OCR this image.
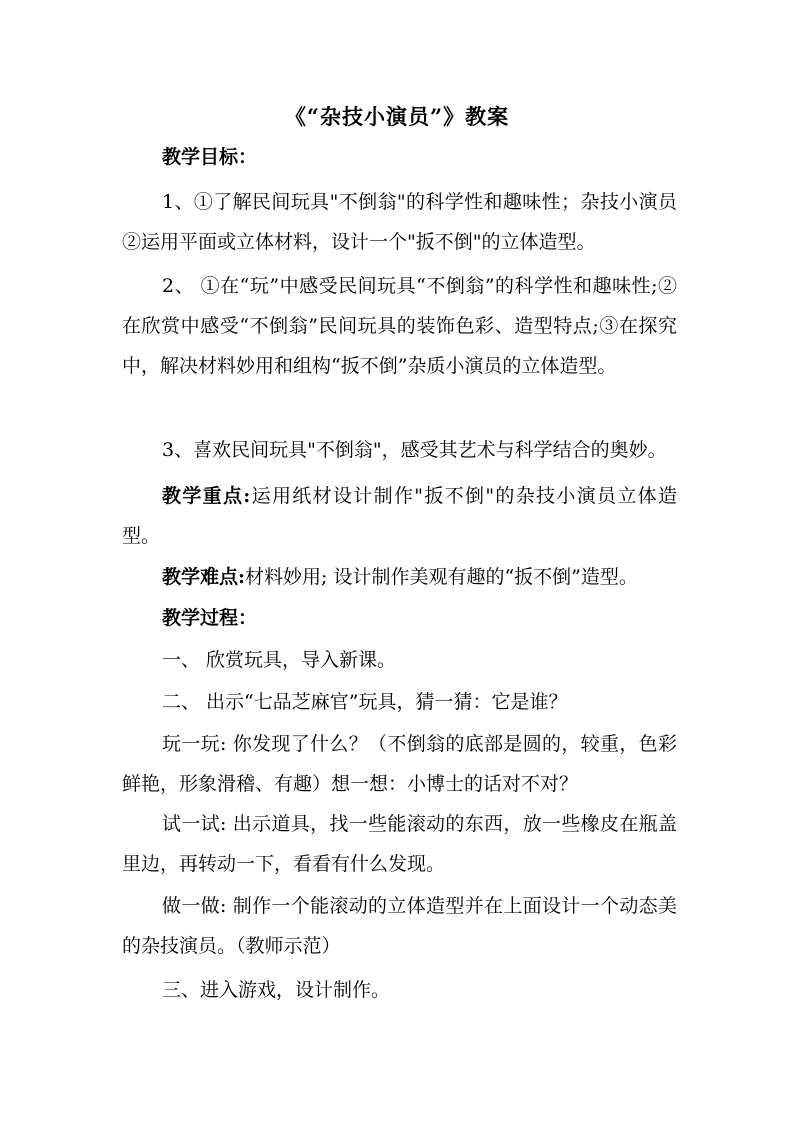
《“杂技小演员”》教案
教学目标：
1、①了解民间玩具"不倒翁"的科学性和趣味性；杂技小演员②运用平面或立体材料，设计一个"扳不倒"的立体造型。
2、 ①在“玩”中感受民间玩具“不倒翁”的科学性和趣味性;②在欣赏中感受“不倒翁”民间玩具的装饰色彩、造型特点;③在探究中，解决材料妙用和组构“扳不倒”杂质小演员的立体造型。
3、喜欢民间玩具"不倒翁"，感受其艺术与科学结合的奥妙。
教学重点:运用纸材设计制作"扳不倒"的杂技小演员立体造型。
教学难点:材料妙用; 设计制作美观有趣的“扳不倒”造型。
教学过程：
一、 欣赏玩具，导入新课。
二、 出示“七品芝麻官”玩具，猜一猜：它是谁？
玩一玩: 你发现了什么？（不倒翁的底部是圆的，较重，色彩鲜艳，形象滑稽、有趣）想一想：小博士的话对不对？
试一试: 出示道具，找一些能滚动的东西，放一些橡皮在瓶盖里边，再转动一下，看看有什么发现。
做一做: 制作一个能滚动的立体造型并在上面设计一个动态美的杂技演员。（教师示范）
三、进入游戏，设计制作。
